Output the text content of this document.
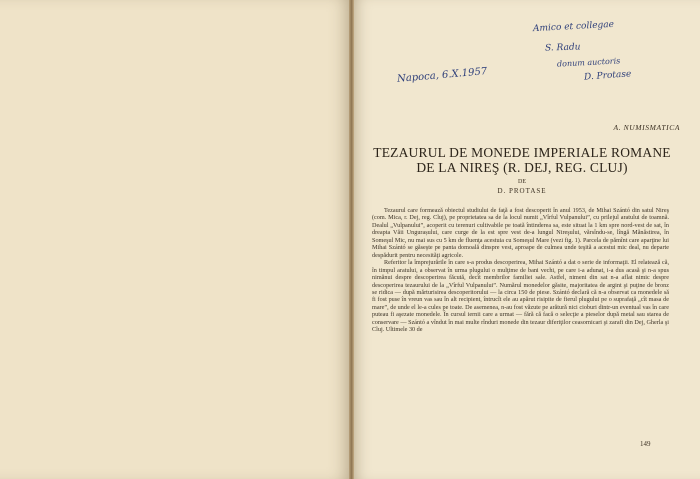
Amico et collegae
S. Radu
donum auctoris
D. Protase
Napoca, 6.X.1957
A. NUMISMATICA
TEZAURUL DE MONEDE IMPERIALE ROMANE
DE LA NIREŞ (R. DEJ, REG. CLUJ)
DE
D. PROTASE

Tezaurul care formează obiectul studiului de faţă a fost descoperit în anul 1953, de Mihai Szántó din satul Nireş (com. Mica, r. Dej, reg. Cluj), pe proprietatea sa de la locul numit „Vîrful Vulpanului”, cu prilejul aratului de toamnă. Dealul „Vulpanului”, acoperit cu terenuri cultivabile pe toată întinderea sa, este situat la 1 km spre nord-vest de sat, în dreapta Văii Ungurașului, care curge de la est spre vest de-a lungul Nireşului, vărsîndu-se, lîngă Mănăstirea, în Someşul Mic, nu mai sus cu 5 km de fluenţa acestuia cu Someşul Mare (vezi fig. 1). Parcela de pămînt care aparţine lui Mihai Szántó se găseşte pe panta domoală dinspre vest, aproape de culmea unde teşită a acestui mic deal, nu departe despădurit pentru necesităţi agricole.

Referitor la împrejurările în care s-a produs descoperirea, Mihai Szántó a dat o serie de informaţii. El relatează că, în timpul aratului, a observat în urma plugului o mulţime de bani vechi, pe care i-a adunat, i-a dus acasă şi n-a spus nimănui despre descoperirea făcută, decît membrilor familiei sale. Astfel, nimeni din sat n-a aflat nimic despre descoperirea tezaurului de la „Vîrful Vulpanului”. Numărul monedelor găsite, majoritatea de argint şi puţine de bronz se ridica — după mărturisirea descoperitorului — la circa 150 de piese. Szántó declară că n-a observat ca monedele să fi fost puse în vreun vas sau în alt recipient, întrucît ele au apărut risipite de fierul plugului pe o suprafaţă „cît masa de mare”, de unde el le-a cules pe toate. De asemenea, n-au fost văzute pe arătură nici cioburi dintr-un eventual vas în care puteau fi aşezate monedele. În cursul iernii care a urmat — fără că facă o selecţie a pieselor după metal sau starea de conservare — Szántó a vîndut în mai multe rînduri monede din tezaur diferiţilor ceasornicari şi zarafi din Dej, Gherla şi Cluj. Ultimele 30 de

149
